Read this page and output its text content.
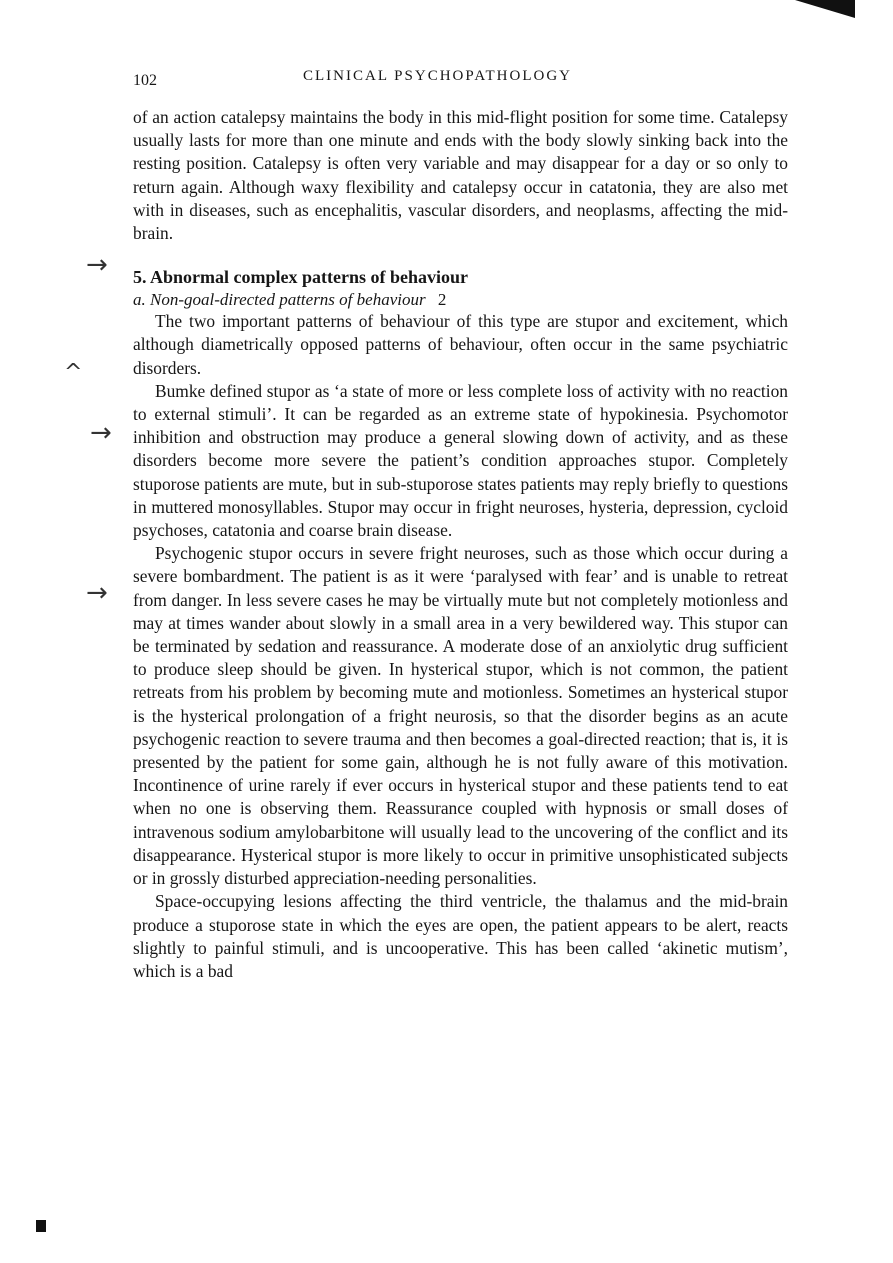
→
^
→
→
102	CLINICAL PSYCHOPATHOLOGY

of an action catalepsy maintains the body in this mid-flight position for some time. Catalepsy usually lasts for more than one minute and ends with the body slowly sinking back into the resting position. Catalepsy is often very variable and may disappear for a day or so only to return again. Although waxy flexibility and catalepsy occur in catatonia, they are also met with in diseases, such as encephalitis, vascular disorders, and neoplasms, affecting the mid-brain.

5. Abnormal complex patterns of behaviour
a. Non-goal-directed patterns of behaviour 2

The two important patterns of behaviour of this type are stupor and excitement, which although diametrically opposed patterns of behaviour, often occur in the same psychiatric disorders.

Bumke defined stupor as ‘a state of more or less complete loss of activity with no reaction to external stimuli’. It can be regarded as an extreme state of hypokinesia. Psychomotor inhibition and obstruction may produce a general slowing down of activity, and as these disorders become more severe the patient’s condition approaches stupor. Completely stuporose patients are mute, but in sub-stuporose states patients may reply briefly to questions in muttered monosyllables. Stupor may occur in fright neuroses, hysteria, depression, cycloid psychoses, catatonia and coarse brain disease.

Psychogenic stupor occurs in severe fright neuroses, such as those which occur during a severe bombardment. The patient is as it were ‘paralysed with fear’ and is unable to retreat from danger. In less severe cases he may be virtually mute but not completely motionless and may at times wander about slowly in a small area in a very bewildered way. This stupor can be terminated by sedation and reassurance. A moderate dose of an anxiolytic drug sufficient to produce sleep should be given. In hysterical stupor, which is not common, the patient retreats from his problem by becoming mute and motionless. Sometimes an hysterical stupor is the hysterical prolongation of a fright neurosis, so that the disorder begins as an acute psychogenic reaction to severe trauma and then becomes a goal-directed reaction; that is, it is presented by the patient for some gain, although he is not fully aware of this motivation. Incontinence of urine rarely if ever occurs in hysterical stupor and these patients tend to eat when no one is observing them. Reassurance coupled with hypnosis or small doses of intravenous sodium amylobarbitone will usually lead to the uncovering of the conflict and its disappearance. Hysterical stupor is more likely to occur in primitive unsophisticated subjects or in grossly disturbed appreciation-needing personalities.

Space-occupying lesions affecting the third ventricle, the thalamus and the mid-brain produce a stuporose state in which the eyes are open, the patient appears to be alert, reacts slightly to painful stimuli, and is uncooperative. This has been called ‘akinetic mutism’, which is a bad
